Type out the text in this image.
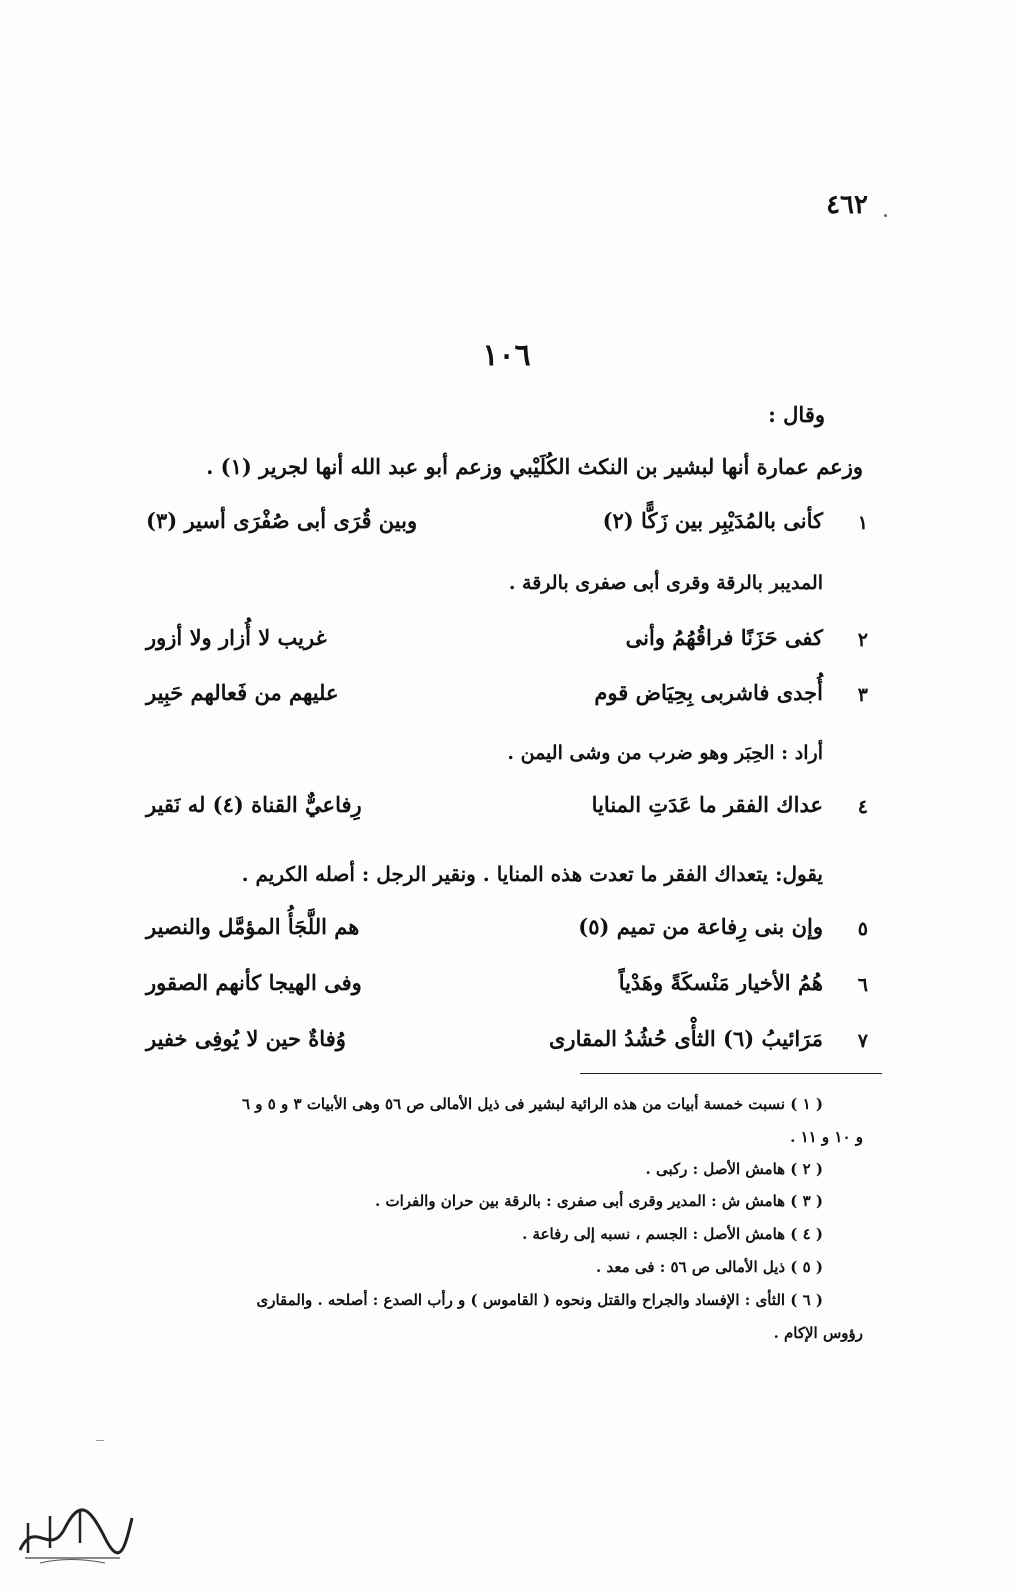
٤٦٢
١٠٦
وقال :
وزعم عمارة أنها لبشير بن النكث الكُلَيْبي وزعم أبو عبد الله أنها لجرير (١) .
١
كأنى بالمُدَيْبِر بين زَكًّا (٢)
وبين قُرَى أبى صُفْرَى أسير (٣)
المديبر بالرقة وقرى أبى صفرى بالرقة .
٢
كفى حَزَنًا فراقُهُمُ وأنى
غريب لا أُزار ولا أزور
٣
أُجدى فاشربى بِحِيَاض قوم
عليهم من فَعالهم حَبِير
أراد : الحِبَر وهو ضرب من وشى اليمن .
٤
عداك الفقر ما عَدَتِ المنايا
رِفاعيٌّ القناة (٤) له نَقير
يقول: يتعداك الفقر ما تعدت هذه المنايا . ونقير الرجل : أصله الكريم .
٥
وإن بنى رِفاعة من تميم (٥)
هم اللَّجَأُ المؤمَّل والنصير
٦
هُمُ الأخيار مَنْسكَةً وهَدْياً
وفى الهيجا كأنهم الصقور
٧
مَرَائيبُ (٦) الثأْى حُشُدُ المقارى
وُفاةٌ حين لا يُوفِى خفير
( ١ ) نسبت خمسة أبيات من هذه الرائية لبشير فى ذيل الأمالى ص ٥٦ وهى الأبيات ٣ و ٥ و ٦
و ١٠ و ١١ .
( ٢ ) هامش الأصل : ركبى .
( ٣ ) هامش ش : المدير وقرى أبى صفرى : بالرقة بين حران والفرات .
( ٤ ) هامش الأصل : الجسم ، نسبه إلى رفاعة .
( ٥ ) ذيل الأمالى ص ٥٦ : فى معد .
( ٦ ) الثأى : الإفساد والجراح والقتل ونحوه ( القاموس ) و رأب الصدع : أصلحه . والمقارى
رؤوس الإكام .
